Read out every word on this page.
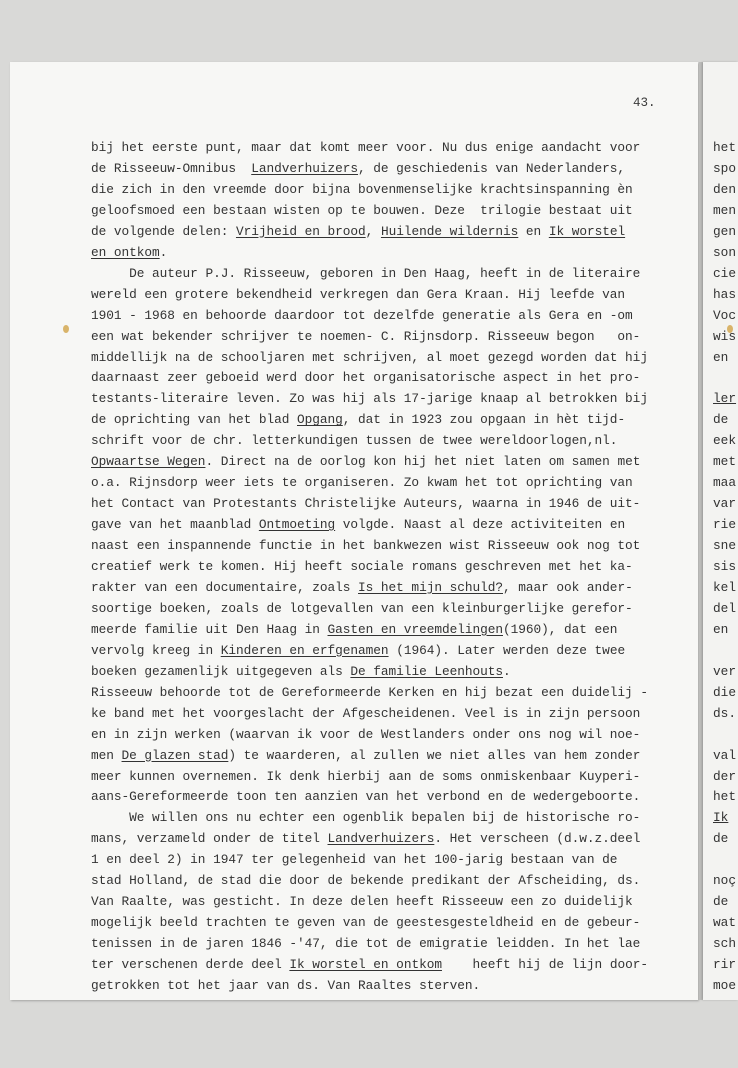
43.
bij het eerste punt, maar dat komt meer voor. Nu dus enige aandacht voor
de Risseeuw-Omnibus  Landverhuizers, de geschiedenis van Nederlanders,
die zich in den vreemde door bijna bovenmenselijke krachtsinspanning èn
geloofsmoed een bestaan wisten op te bouwen. Deze  trilogie bestaat uit
de volgende delen: Vrijheid en brood, Huilende wildernis en Ik worstel
en ontkom.
De auteur P.J. Risseeuw, geboren in Den Haag, heeft in de literaire
wereld een grotere bekendheid verkregen dan Gera Kraan. Hij leefde van
1901 - 1968 en behoorde daardoor tot dezelfde generatie als Gera en -om
een wat bekender schrijver te noemen- C. Rijnsdorp. Risseeuw begon   on-
middellijk na de schooljaren met schrijven, al moet gezegd worden dat hij
daarnaast zeer geboeid werd door het organisatorische aspect in het pro-
testants-literaire leven. Zo was hij als 17-jarige knaap al betrokken bij
de oprichting van het blad Opgang, dat in 1923 zou opgaan in hèt tijd-
schrift voor de chr. letterkundigen tussen de twee wereldoorlogen,nl.
Opwaartse Wegen. Direct na de oorlog kon hij het niet laten om samen met
o.a. Rijnsdorp weer iets te organiseren. Zo kwam het tot oprichting van
het Contact van Protestants Christelijke Auteurs, waarna in 1946 de uit-
gave van het maanblad Ontmoeting volgde. Naast al deze activiteiten en
naast een inspannende functie in het bankwezen wist Risseeuw ook nog tot
creatief werk te komen. Hij heeft sociale romans geschreven met het ka-
rakter van een documentaire, zoals Is het mijn schuld?, maar ook ander-
soortige boeken, zoals de lotgevallen van een kleinburgerlijke gerefor-
meerde familie uit Den Haag in Gasten en vreemdelingen(1960), dat een
vervolg kreeg in Kinderen en erfgenamen (1964). Later werden deze twee
boeken gezamenlijk uitgegeven als De familie Leenhouts.
Risseeuw behoorde tot de Gereformeerde Kerken en hij bezat een duidelij -
ke band met het voorgeslacht der Afgescheidenen. Veel is in zijn persoon
en in zijn werken (waarvan ik voor de Westlanders onder ons nog wil noe-
men De glazen stad) te waarderen, al zullen we niet alles van hem zonder
meer kunnen overnemen. Ik denk hierbij aan de soms onmiskenbaar Kuyperi-
aans-Gereformeerde toon ten aanzien van het verbond en de wedergeboorte.
We willen ons nu echter een ogenblik bepalen bij de historische ro-
mans, verzameld onder de titel Landverhuizers. Het verscheen (d.w.z.deel
1 en deel 2) in 1947 ter gelegenheid van het 100-jarig bestaan van de
stad Holland, de stad die door de bekende predikant der Afscheiding, ds.
Van Raalte, was gesticht. In deze delen heeft Risseeuw een zo duidelijk
mogelijk beeld trachten te geven van de geestesgesteldheid en de gebeur-
tenissen in de jaren 1846 -'47, die tot de emigratie leidden. In het lae
ter verschenen derde deel Ik worstel en ontkom    heeft hij de lijn door-
getrokken tot het jaar van ds. Van Raaltes sterven.
het
spo
den
men
gen
son
cie
has
Voc
wis
en
ler
de
eek
met
maa
var
rie
sne
sis
kel
del
en
ver
die
ds.
val
der
het
Ik
de
noç
de
wat
sch
rir
moe
